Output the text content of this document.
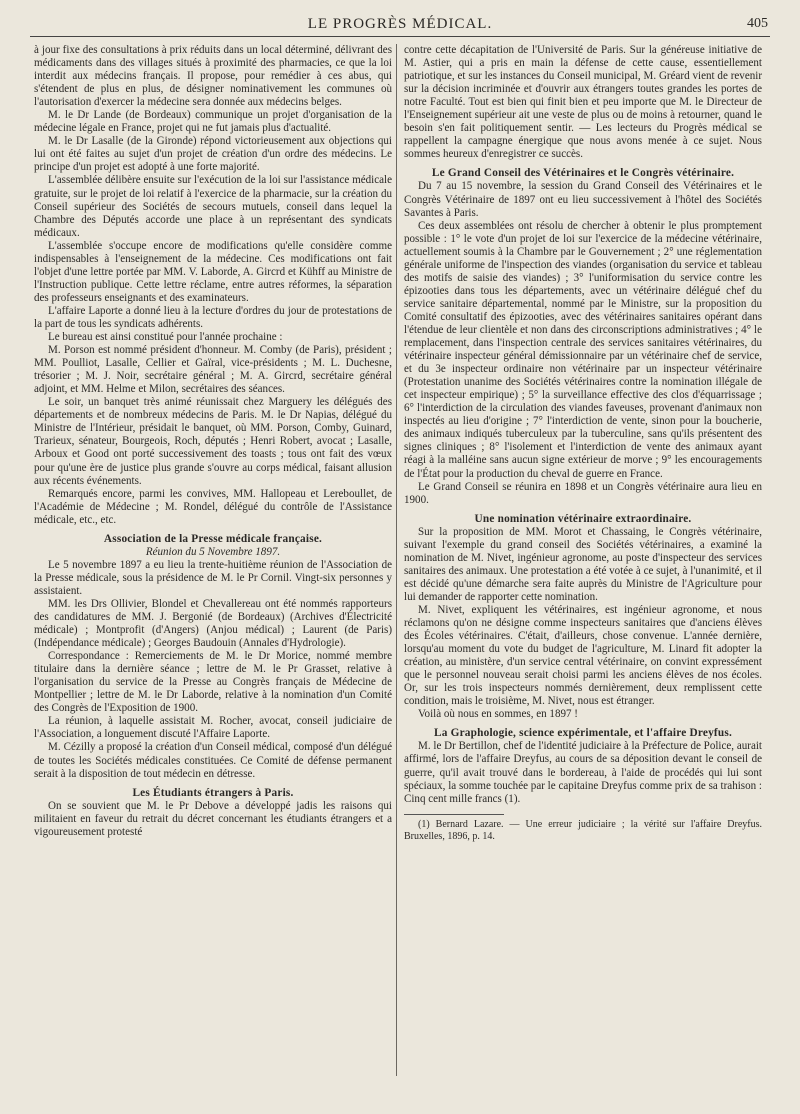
LE PROGRÈS MÉDICAL.	405

à jour fixe des consultations à prix réduits dans un local déterminé, délivrant des médicaments dans des villages situés à proximité des pharmacies, ce que la loi interdit aux médecins français. Il propose, pour remédier à ces abus, qui s'étendent de plus en plus, de désigner nominativement les communes où l'autorisation d'exercer la médecine sera donnée aux médecins belges.

M. le Dr Lande (de Bordeaux) communique un projet d'organisation de la médecine légale en France, projet qui ne fut jamais plus d'actualité.

M. le Dr Lasalle (de la Gironde) répond victorieusement aux objections qui lui ont été faites au sujet d'un projet de création d'un ordre des médecins. Le principe d'un projet est adopté à une forte majorité.

L'assemblée délibère ensuite sur l'exécution de la loi sur l'assistance médicale gratuite, sur le projet de loi relatif à l'exercice de la pharmacie, sur la création du Conseil supérieur des Sociétés de secours mutuels, conseil dans lequel la Chambre des Députés accorde une place à un représentant des syndicats médicaux.

L'assemblée s'occupe encore de modifications qu'elle considère comme indispensables à l'enseignement de la médecine. Ces modifications ont fait l'objet d'une lettre portée par MM. V. Laborde, A. Gircrd et Kühff au Ministre de l'Instruction publique. Cette lettre réclame, entre autres réformes, la séparation des professeurs enseignants et des examinateurs.

L'affaire Laporte a donné lieu à la lecture d'ordres du jour de protestations de la part de tous les syndicats adhérents.

Le bureau est ainsi constitué pour l'année prochaine :

M. Porson est nommé président d'honneur. M. Comby (de Paris), président ; MM. Poulliot, Lasalle, Cellier et Gaïral, vice-présidents ; M. L. Duchesne, trésorier ; M. J. Noir, secrétaire général ; M. A. Gircrd, secrétaire général adjoint, et MM. Helme et Milon, secrétaires des séances.

Le soir, un banquet très animé réunissait chez Marguery les délégués des départements et de nombreux médecins de Paris. M. le Dr Napias, délégué du Ministre de l'Intérieur, présidait le banquet, où MM. Porson, Comby, Guinard, Trarieux, sénateur, Bourgeois, Roch, députés ; Henri Robert, avocat ; Lasalle, Arboux et Good ont porté successivement des toasts ; tous ont fait des vœux pour qu'une ère de justice plus grande s'ouvre au corps médical, faisant allusion aux récents événements.

Remarqués encore, parmi les convives, MM. Hallopeau et Lereboullet, de l'Académie de Médecine ; M. Rondel, délégué du contrôle de l'Assistance médicale, etc., etc.

Association de la Presse médicale française.

Réunion du 5 Novembre 1897.

Le 5 novembre 1897 a eu lieu la trente-huitième réunion de l'Association de la Presse médicale, sous la présidence de M. le Pr Cornil. Vingt-six personnes y assistaient.

MM. les Drs Ollivier, Blondel et Chevallereau ont été nommés rapporteurs des candidatures de MM. J. Bergonié (de Bordeaux) (Archives d'Électricité médicale) ; Montprofit (d'Angers) (Anjou médical) ; Laurent (de Paris) (Indépendance médicale) ; Georges Baudouin (Annales d'Hydrologie).

Correspondance : Remerciements de M. le Dr Morice, nommé membre titulaire dans la dernière séance ; lettre de M. le Pr Grasset, relative à l'organisation du service de la Presse au Congrès français de Médecine de Montpellier ; lettre de M. le Dr Laborde, relative à la nomination d'un Comité des Congrès de l'Exposition de 1900.

La réunion, à laquelle assistait M. Rocher, avocat, conseil judiciaire de l'Association, a longuement discuté l'Affaire Laporte.

M. Cézilly a proposé la création d'un Conseil médical, composé d'un délégué de toutes les Sociétés médicales constituées. Ce Comité de défense permanent serait à la disposition de tout médecin en détresse.

Les Étudiants étrangers à Paris.

On se souvient que M. le Pr Debove a développé jadis les raisons qui militaient en faveur du retrait du décret concernant les étudiants étrangers et a vigoureusement protesté

contre cette décapitation de l'Université de Paris. Sur la généreuse initiative de M. Astier, qui a pris en main la défense de cette cause, essentiellement patriotique, et sur les instances du Conseil municipal, M. Gréard vient de revenir sur la décision incriminée et d'ouvrir aux étrangers toutes grandes les portes de notre Faculté. Tout est bien qui finit bien et peu importe que M. le Directeur de l'Enseignement supérieur ait une veste de plus ou de moins à retourner, quand le besoin s'en fait politiquement sentir. — Les lecteurs du Progrès médical se rappellent la campagne énergique que nous avons menée à ce sujet. Nous sommes heureux d'enregistrer ce succès.

Le Grand Conseil des Vétérinaires et le Congrès vétérinaire.

Du 7 au 15 novembre, la session du Grand Conseil des Vétérinaires et le Congrès Vétérinaire de 1897 ont eu lieu successivement à l'hôtel des Sociétés Savantes à Paris.

Ces deux assemblées ont résolu de chercher à obtenir le plus promptement possible : 1° le vote d'un projet de loi sur l'exercice de la médecine vétérinaire, actuellement soumis à la Chambre par le Gouvernement ; 2° une réglementation générale uniforme de l'inspection des viandes (organisation du service et tableau des motifs de saisie des viandes) ; 3° l'uniformisation du service contre les épizooties dans tous les départements, avec un vétérinaire délégué chef du service sanitaire départemental, nommé par le Ministre, sur la proposition du Comité consultatif des épizooties, avec des vétérinaires sanitaires opérant dans l'étendue de leur clientèle et non dans des circonscriptions administratives ; 4° le remplacement, dans l'inspection centrale des services sanitaires vétérinaires, du vétérinaire inspecteur général démissionnaire par un vétérinaire chef de service, et du 3e inspecteur ordinaire non vétérinaire par un inspecteur vétérinaire (Protestation unanime des Sociétés vétérinaires contre la nomination illégale de cet inspecteur empirique) ; 5° la surveillance effective des clos d'équarrissage ; 6° l'interdiction de la circulation des viandes faveuses, provenant d'animaux non inspectés au lieu d'origine ; 7° l'interdiction de vente, sinon pour la boucherie, des animaux indiqués tuberculeux par la tuberculine, sans qu'ils présentent des signes cliniques ; 8° l'isolement et l'interdiction de vente des animaux ayant réagi à la malléine sans aucun signe extérieur de morve ; 9° les encouragements de l'État pour la production du cheval de guerre en France.

Le Grand Conseil se réunira en 1898 et un Congrès vétérinaire aura lieu en 1900.

Une nomination vétérinaire extraordinaire.

Sur la proposition de MM. Morot et Chassaing, le Congrès vétérinaire, suivant l'exemple du grand conseil des Sociétés vétérinaires, a examiné la nomination de M. Nivet, ingénieur agronome, au poste d'inspecteur des services sanitaires des animaux. Une protestation a été votée à ce sujet, à l'unanimité, et il est décidé qu'une démarche sera faite auprès du Ministre de l'Agriculture pour lui demander de rapporter cette nomination.

M. Nivet, expliquent les vétérinaires, est ingénieur agronome, et nous réclamons qu'on ne désigne comme inspecteurs sanitaires que d'anciens élèves des Écoles vétérinaires. C'était, d'ailleurs, chose convenue. L'année dernière, lorsqu'au moment du vote du budget de l'agriculture, M. Linard fit adopter la création, au ministère, d'un service central vétérinaire, on convint expressément que le personnel nouveau serait choisi parmi les anciens élèves de nos écoles. Or, sur les trois inspecteurs nommés dernièrement, deux remplissent cette condition, mais le troisième, M. Nivet, nous est étranger.

Voilà où nous en sommes, en 1897 !

La Graphologie, science expérimentale, et l'affaire Dreyfus.

M. le Dr Bertillon, chef de l'identité judiciaire à la Préfecture de Police, aurait affirmé, lors de l'affaire Dreyfus, au cours de sa déposition devant le conseil de guerre, qu'il avait trouvé dans le bordereau, à l'aide de procédés qui lui sont spéciaux, la somme touchée par le capitaine Dreyfus comme prix de sa trahison : Cinq cent mille francs (1).

(1) Bernard Lazare. — Une erreur judiciaire ; la vérité sur l'affaire Dreyfus. Bruxelles, 1896, p. 14.
